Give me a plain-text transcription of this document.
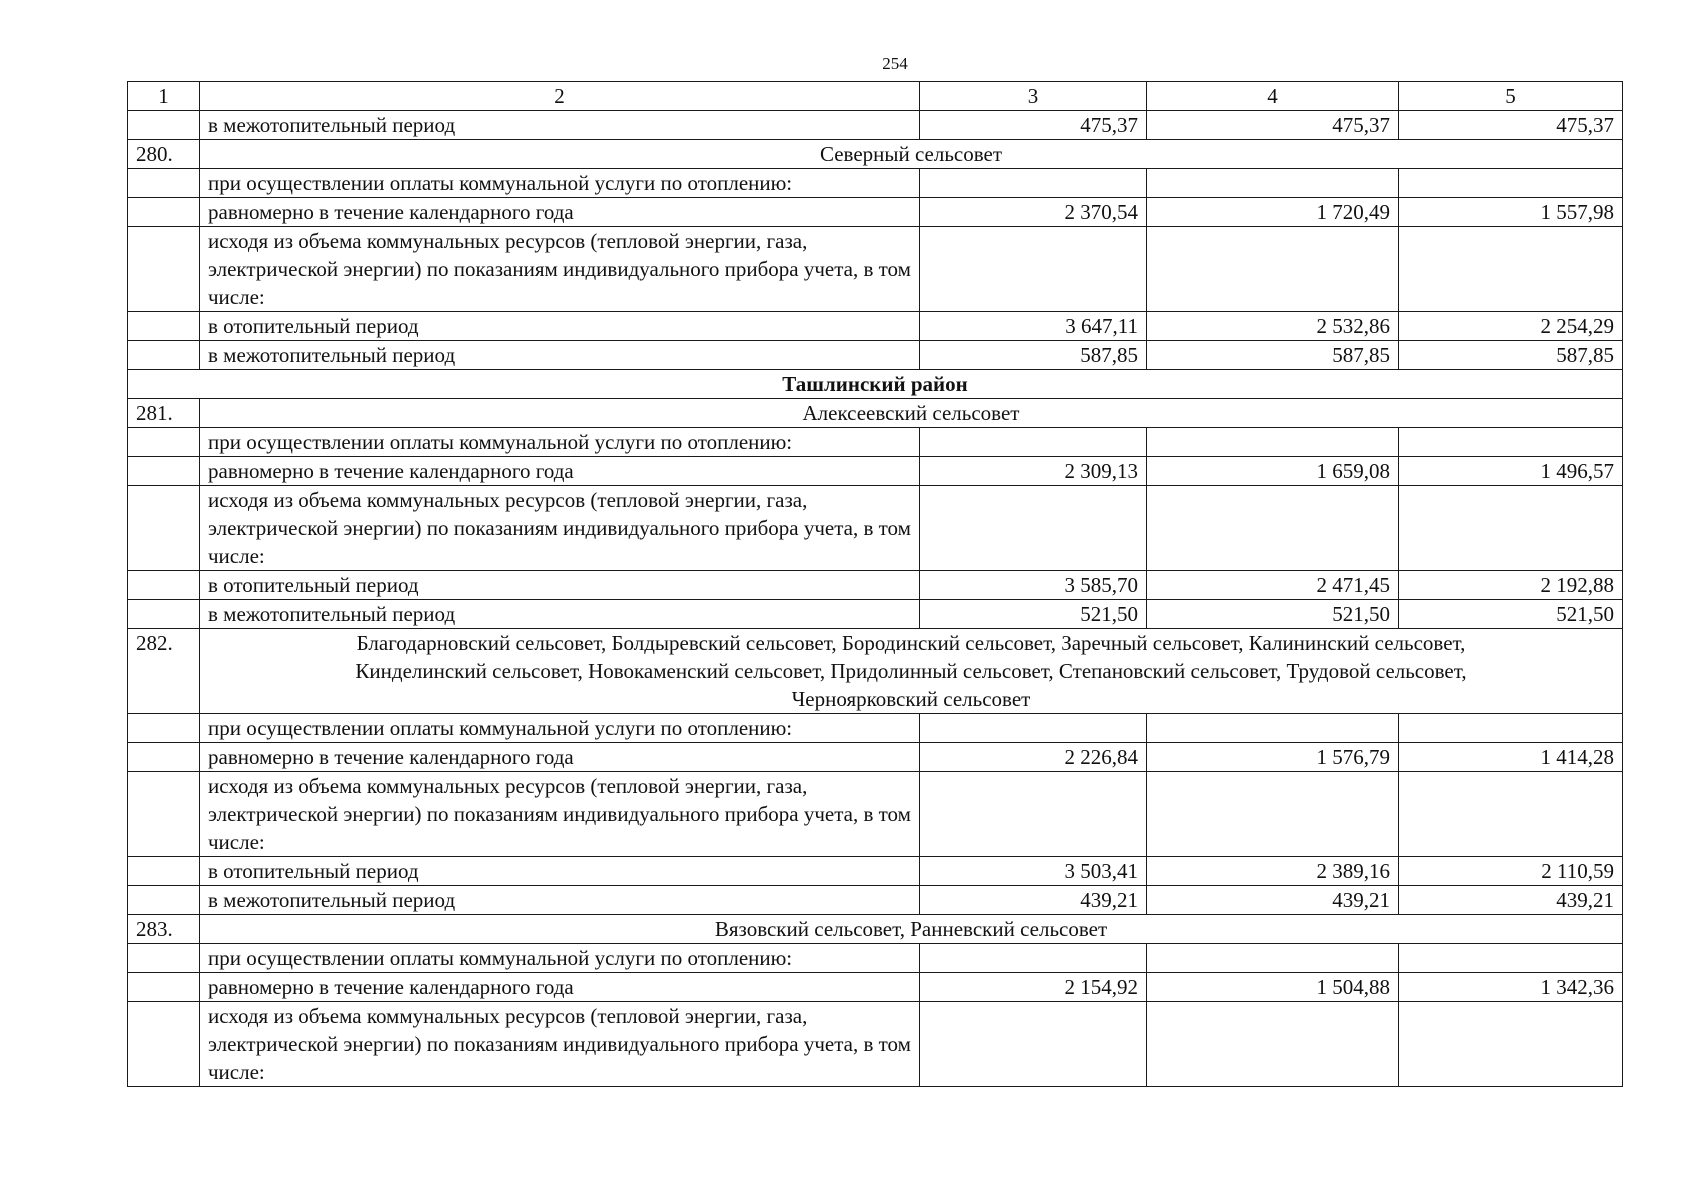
254
1	2	3	4	5
	в межотопительный период	475,37	475,37	475,37
280.	Северный сельсовет			
	при осуществлении оплаты коммунальной услуги по отоплению:			
	равномерно в течение календарного года	2 370,54	1 720,49	1 557,98
	исходя из объема коммунальных ресурсов (тепловой энергии, газа, электрической энергии) по показаниям индивидуального прибора учета, в том числе:			
	в отопительный период	3 647,11	2 532,86	2 254,29
	в межотопительный период	587,85	587,85	587,85
Ташлинский район				
281.	Алексеевский сельсовет			
	при осуществлении оплаты коммунальной услуги по отоплению:			
	равномерно в течение календарного года	2 309,13	1 659,08	1 496,57
	исходя из объема коммунальных ресурсов (тепловой энергии, газа, электрической энергии) по показаниям индивидуального прибора учета, в том числе:			
	в отопительный период	3 585,70	2 471,45	2 192,88
	в межотопительный период	521,50	521,50	521,50
282.	Благодарновский сельсовет, Болдыревский сельсовет, Бородинский сельсовет, Заречный сельсовет, Калининский сельсовет, Кинделинский сельсовет, Новокаменский сельсовет, Придолинный сельсовет, Степановский сельсовет, Трудовой сельсовет, Черноярковский сельсовет			
	при осуществлении оплаты коммунальной услуги по отоплению:			
	равномерно в течение календарного года	2 226,84	1 576,79	1 414,28
	исходя из объема коммунальных ресурсов (тепловой энергии, газа, электрической энергии) по показаниям индивидуального прибора учета, в том числе:			
	в отопительный период	3 503,41	2 389,16	2 110,59
	в межотопительный период	439,21	439,21	439,21
283.	Вязовский сельсовет, Ранневский сельсовет			
	при осуществлении оплаты коммунальной услуги по отоплению:			
	равномерно в течение календарного года	2 154,92	1 504,88	1 342,36
	исходя из объема коммунальных ресурсов (тепловой энергии, газа, электрической энергии) по показаниям индивидуального прибора учета, в том числе:			
